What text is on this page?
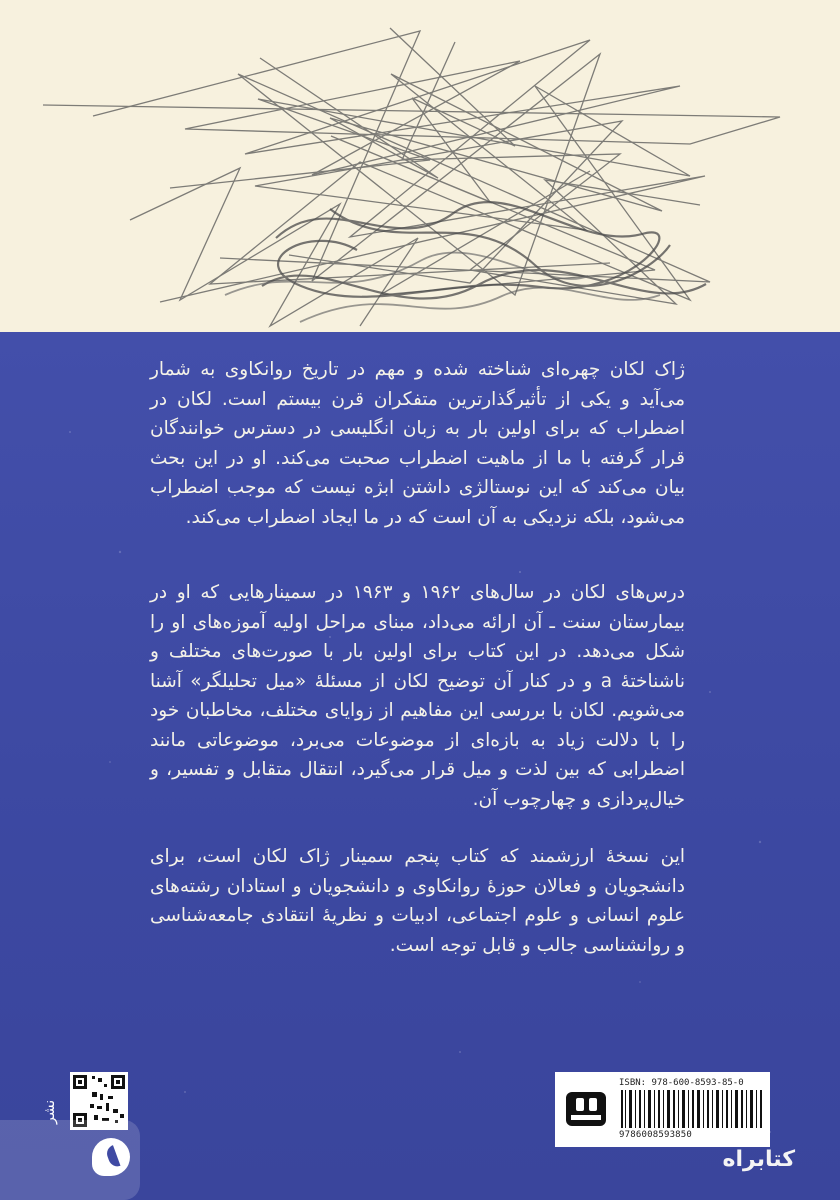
ژاک لکان چهره‌ای شناخته شده و مهم در تاریخ روانکاوی به شمار می‌آید و یکی از تأثیرگذارترین متفکران قرن بیستم است. لکان در اضطراب که برای اولین بار به زبان انگلیسی در دسترس خوانندگان قرار گرفته با ما از ماهیت اضطراب صحبت می‌کند. او در این بحث بیان می‌کند که این نوستالژی داشتن ابژه نیست که موجب اضطراب می‌شود، بلکه نزدیکی به آن است که در ما ایجاد اضطراب می‌کند.

درس‌های لکان در سال‌های ۱۹۶۲ و ۱۹۶۳ در سمینارهایی که او در بیمارستان سنت ـ آن ارائه می‌داد، مبنای مراحل اولیه آموزه‌های او را شکل می‌دهد. در این کتاب برای اولین بار با صورت‌های مختلف و ناشناختهٔ a و در کنار آن توضیح لکان از مسئلهٔ «میل تحلیلگر» آشنا می‌شویم. لکان با بررسی این مفاهیم از زوایای مختلف، مخاطبان خود را با دلالت زیاد به بازه‌ای از موضوعات می‌برد، موضوعاتی مانند اضطرابی که بین لذت و میل قرار می‌گیرد، انتقال متقابل و تفسیر، و خیال‌پردازی و چهارچوب آن.

این نسخهٔ ارزشمند که کتاب پنجم سمینار ژاک لکان است، برای دانشجویان و فعالان حوزهٔ روانکاوی و دانشجویان و استادان رشته‌های علوم انسانی و علوم اجتماعی، ادبیات و نظریهٔ انتقادی جامعه‌شناسی و روانشناسی جالب و قابل توجه است.

نشر
ISBN: 978-600-8593-85-0
9786008593850
کتابراه
